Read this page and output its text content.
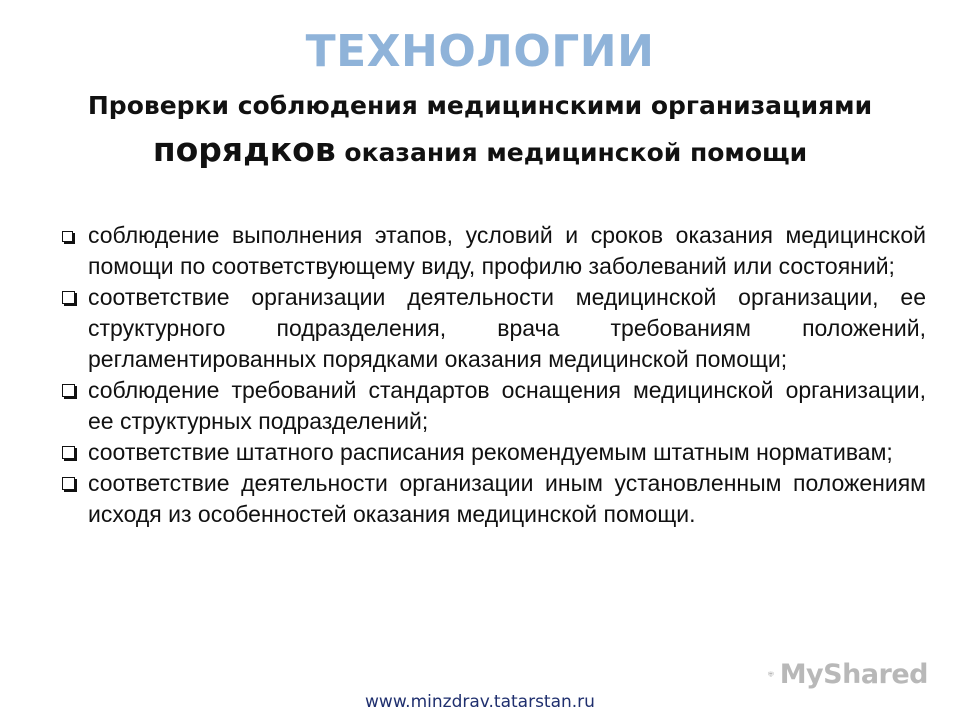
ТЕХНОЛОГИИ
Проверки соблюдения медицинскими организациями порядков оказания медицинской помощи
соблюдение выполнения этапов, условий и сроков оказания медицинской помощи по соответствующему виду, профилю заболеваний или состояний;
соответствие организации деятельности медицинской организации, ее структурного подразделения, врача требованиям положений, регламентированных порядками оказания медицинской помощи;
соблюдение требований стандартов оснащения медицинской организации, ее структурных подразделений;
соответствие штатного расписания рекомендуемым штатным нормативам;
соответствие деятельности организации иным установленным положениям исходя из особенностей оказания медицинской помощи.
MyShared
www.minzdrav.tatarstan.ru
